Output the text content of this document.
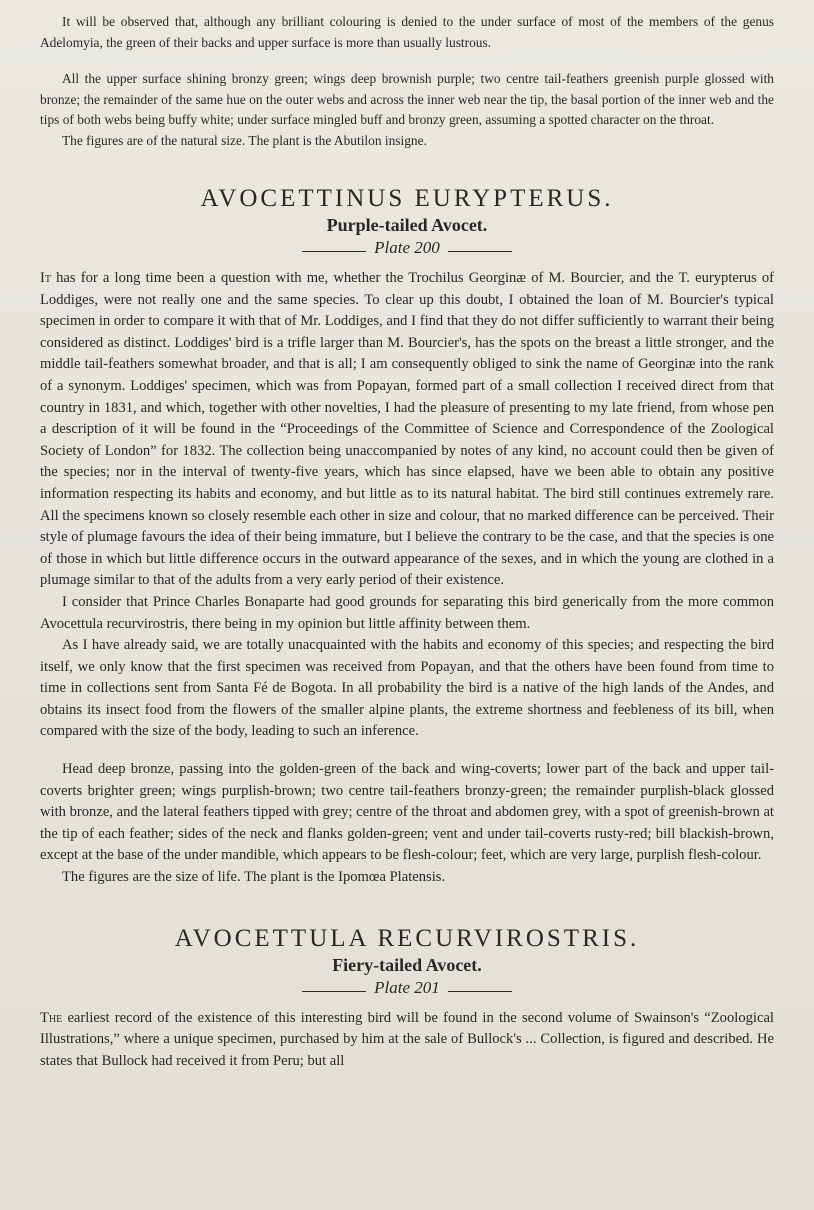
It will be observed that, although any brilliant colouring is denied to the under surface of most of the members of the genus Adelomyia, the green of their backs and upper surface is more than usually lustrous.

All the upper surface shining bronzy green; wings deep brownish purple; two centre tail-feathers greenish purple glossed with bronze; the remainder of the same hue on the outer webs and across the inner web near the tip, the basal portion of the inner web and the tips of both webs being buffy white; under surface mingled buff and bronzy green, assuming a spotted character on the throat.

The figures are of the natural size. The plant is the Abutilon insigne.

AVOCETTINUS EURYPTERUS.
Purple-tailed Avocet.
Plate 200

It has for a long time been a question with me, whether the Trochilus Georginæ of M. Bourcier, and the T. eurypterus of Loddiges, were not really one and the same species. To clear up this doubt, I obtained the loan of M. Bourcier's typical specimen in order to compare it with that of Mr. Loddiges, and I find that they do not differ sufficiently to warrant their being considered as distinct. Loddiges' bird is a trifle larger than M. Bourcier's, has the spots on the breast a little stronger, and the middle tail-feathers somewhat broader, and that is all; I am consequently obliged to sink the name of Georginæ into the rank of a synonym. Loddiges' specimen, which was from Popayan, formed part of a small collection I received direct from that country in 1831, and which, together with other novelties, I had the pleasure of presenting to my late friend, from whose pen a description of it will be found in the “Proceedings of the Committee of Science and Correspondence of the Zoological Society of London” for 1832. The collection being unaccompanied by notes of any kind, no account could then be given of the species; nor in the interval of twenty-five years, which has since elapsed, have we been able to obtain any positive information respecting its habits and economy, and but little as to its natural habitat. The bird still continues extremely rare. All the specimens known so closely resemble each other in size and colour, that no marked difference can be perceived. Their style of plumage favours the idea of their being immature, but I believe the contrary to be the case, and that the species is one of those in which but little difference occurs in the outward appearance of the sexes, and in which the young are clothed in a plumage similar to that of the adults from a very early period of their existence.

I consider that Prince Charles Bonaparte had good grounds for separating this bird generically from the more common Avocettula recurvirostris, there being in my opinion but little affinity between them.

As I have already said, we are totally unacquainted with the habits and economy of this species; and respecting the bird itself, we only know that the first specimen was received from Popayan, and that the others have been found from time to time in collections sent from Santa Fé de Bogota. In all probability the bird is a native of the high lands of the Andes, and obtains its insect food from the flowers of the smaller alpine plants, the extreme shortness and feebleness of its bill, when compared with the size of the body, leading to such an inference.

Head deep bronze, passing into the golden-green of the back and wing-coverts; lower part of the back and upper tail-coverts brighter green; wings purplish-brown; two centre tail-feathers bronzy-green; the remainder purplish-black glossed with bronze, and the lateral feathers tipped with grey; centre of the throat and abdomen grey, with a spot of greenish-brown at the tip of each feather; sides of the neck and flanks golden-green; vent and under tail-coverts rusty-red; bill blackish-brown, except at the base of the under mandible, which appears to be flesh-colour; feet, which are very large, purplish flesh-colour.

The figures are the size of life. The plant is the Ipomœa Platensis.

AVOCETTULA RECURVIROSTRIS.
Fiery-tailed Avocet.
Plate 201

The earliest record of the existence of this interesting bird will be found in the second volume of Swainson's “Zoological Illustrations,” where a unique specimen, purchased by him at the sale of Bullock's ... Collection, is figured and described. He states that Bullock had received it from Peru; but all
